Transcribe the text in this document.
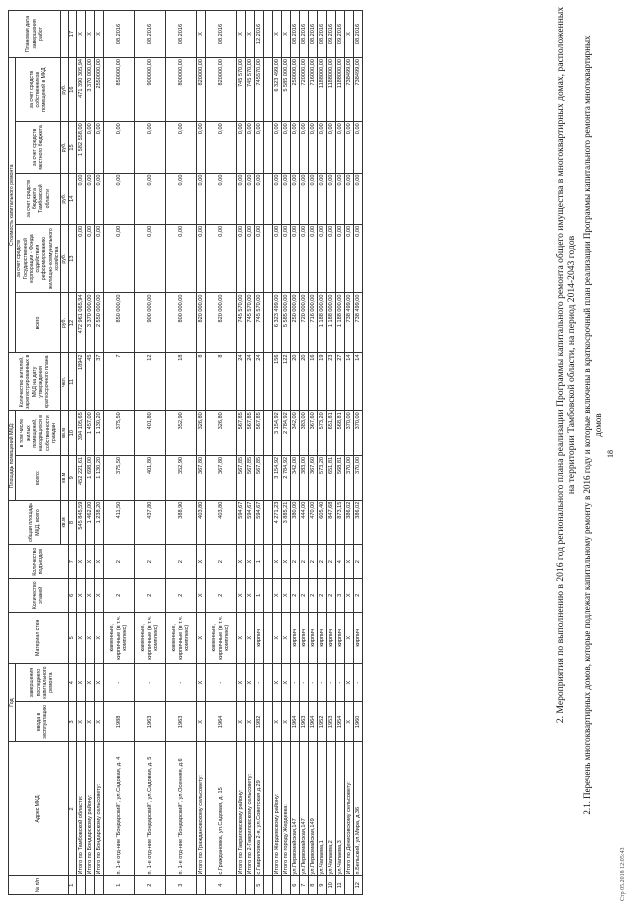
№ п/п	Адрес МКД	Год		Материал стен	Количество этажей	Количество подъездов	общая площадь МКД, всего	Площадь помещений МКД:		Количество жителей, зарегистрированных в МКД на дату утверждения краткосрочного плана	Стоимость капитального ремонта					Плановая дата завершения работ
		ввода в эксплуатацию	завершения последнего капитального ремонта					всего:	в том числе жилых помещений, находящихся в собственности граждан		всего	за счет средств Государственной корпорации - Фонда содействия реформированию жилищно-коммунального хозяйства	за счет средств бюджета Тамбовской области	за счет средств местного бюджета	за счет средств собственников помещений в МКД	
							кв.м	кв.м	кв.м	чел.	руб.	руб.	руб.	руб.	руб.	
1	2	3	4	5	6	7	8	9	10	11	12	13	14	15	16	17
	Итого по Тамбовской области:	X	X	X	X	X	545 845,59	452 221,61	394 105,65	18942	472 961 065,94	0,00	0,00	1 582 558,00	471 390 305,94	X
	Итого по Бондарскому району:	X	X	X	X	X	1 462,00	1 698,00	1 457,00	45	3 370 000,00	0,00	0,00	0,00	3 370 000,00	X
	Итого по Бондарскому сельсовету:	X	X	X	X	X	1 238,20	1 130,20	1 130,20	37	2 550 000,00	0,00	0,00	0,00	2550000,00	X
1	п. 1-е отд-ние "Бондарский", ул.Садовая, д. 4	1988	-	каменные, кирпичные (в т.ч. комплекс)	2	2	411,50	375,50	375,50	7	850 000,00	0,00	0,00	0,00	850000,00	08.2016
2	п. 1-е отд-ние "Бондарский", ул.Садовая, д. 5	1963	-	каменные, кирпичные (в т.ч. комплекс)	2	2	437,80	401,80	401,80	12	900 000,00	0,00	0,00	0,00	900000,00	08.2016
3	п. 1-е отд-ние "Бондарский", ул.Осенняя, д.6	1963	-	каменные, кирпичные (в т.ч. комплекс)	2	2	388,90	352,90	352,90	18	800 000,00	0,00	0,00	0,00	800000,00	08.2016
	Итого по Граждановскому сельсовету:	X	X	X	X	X	403,80	367,80	326,80	8	820 000,00	0,00	0,00	0,00	820000,00	X
4	с.Граждановка, ул.Садовая, д. 15	1964	-	каменные, кирпичные (в т.ч. комплекс)	2	2	403,80	367,80	326,80	8	820 000,00	0,00	0,00	0,00	820000,00	08.2016
	Итого по Гавриловскому району:	X	X	X	X	X	594,67	567,85	567,85	24	745 570,00	0,00	0,00	0,00	745 570,00	X
	Итого по 2-Гавриловскому сельсовету:	X	X	X	X	X	594,67	567,85	567,85	24	745 570,00	0,00	0,00	0,00	745 570,00	X
5	с.Гавриловка 2-я, ул.Советская д.29	1982	-	кирпич	1	1	594,67	567,85	567,85	24	745 570,00	0,00	0,00	0,00	745570,00	12.2016

	Итого по Жердевскому району:	X	X	X	X	X	4 271,23	3 154,92	3 154,92	156	6 323 499,00	0,00	0,00	0,00	6 323 499,00	X
	Итого по городу Жердевка:	X	X	X	X	X	3 885,21	2 784,92	2 784,92	122	5 585 000,00	0,00	0,00	0,00	5 585 000,00	X
6	ул.Первомайская,147	1964	-	кирпич	2	2	380,00	342,00	342,00	20	250 000,00	0,00	0,00	0,00	250000,00	08.2016
7	ул.Первомайская,147	1963	-	кирпич	2	2	444,00	383,00	383,00	20	720 000,00	0,00	0,00	0,00	720000,00	08.2016
8	ул.Первомайская,149	1964	-	кирпич	2	2	470,00	367,60	367,60	16	716 000,00	0,00	0,00	0,00	716000,00	08.2016
9	ул.Чапаева,1	1952	-	кирпич	2	2	605,40	573,20	573,20	19	1 188 000,00	0,00	0,00	0,00	1188000,00	08.2016
10	ул.Чапаева,2	1953	-	кирпич	2	2	847,68	651,81	651,81	23	1 188 000,00	0,00	0,00	0,00	1188000,00	09.2016
11	ул.Чапаева,3	1954	-	кирпич	3	4	873,15	568,81	568,81	27	1 188 000,00	0,00	0,00	0,00	1188000,00	09.2016
	Итого по Денисовскому сельсовету:	X	X	X	X	X	386,02	370,00	370,00	14	738 499,00	0,00	0,00	0,00	738499,00	X
12	п.Бельский, ул.Мира, д.36	1960	-	кирпич	2	2	386,02	370,00	370,00	14	738 499,00	0,00	0,00	0,00	738499,00	08.2016	2. Мероприятия по выполнению в 2016 год регионального плана реализации Программы капитального ремонта общего имущества в многоквартирных домах, расположенных на территории Тамбовской области, на период 2014-2043 годов 2.1. Перечень многоквартирных домов, которые подлежат капитальному ремонту в 2016 году и которые включены в краткосрочный план реализации Программы капитального ремонта многоквартирных домов
18
Стр 05.2018 12:05:43
